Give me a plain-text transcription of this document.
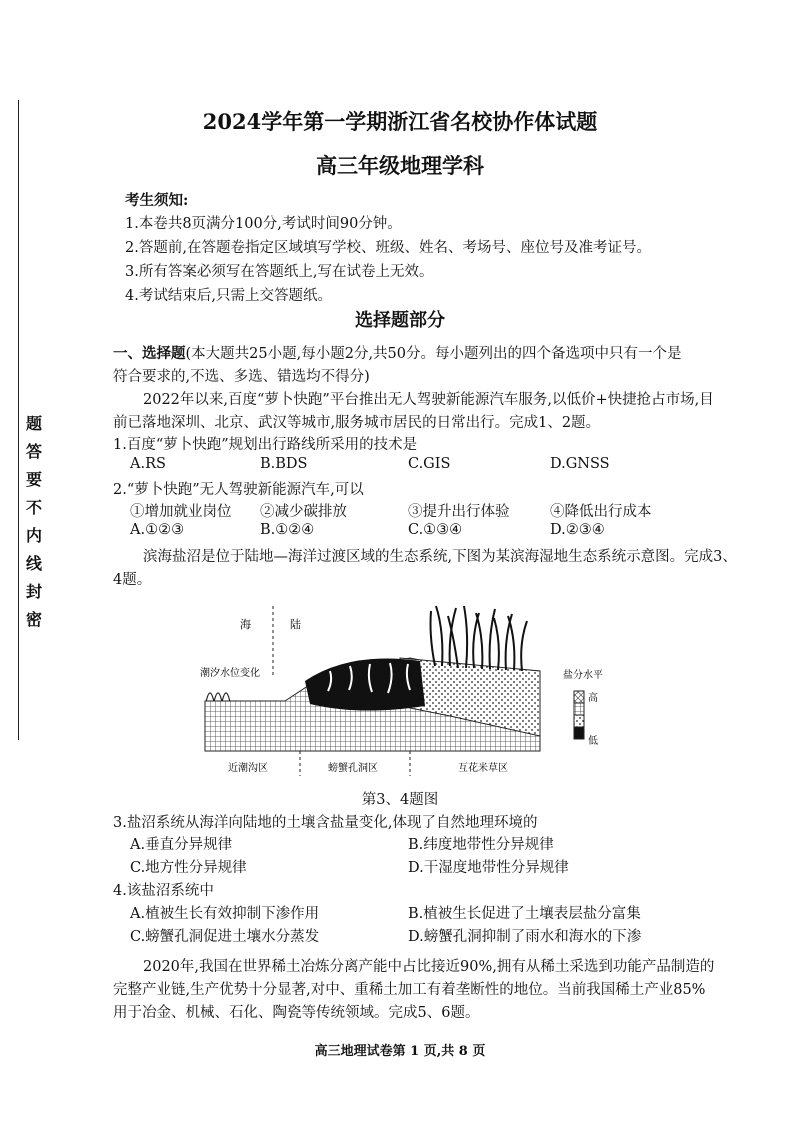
题
答
要
不
内
线
封
密
2024学年第一学期浙江省名校协作体试题
高三年级地理学科
考生须知:
1.本卷共8页满分100分,考试时间90分钟。
2.答题前,在答题卷指定区域填写学校、班级、姓名、考场号、座位号及准考证号。
3.所有答案必须写在答题纸上,写在试卷上无效。
4.考试结束后,只需上交答题纸。
选择题部分
一、选择题(本大题共25小题,每小题2分,共50分。每小题列出的四个备选项中只有一个是
符合要求的,不选、多选、错选均不得分)
2022年以来,百度“萝卜快跑”平台推出无人驾驶新能源汽车服务,以低价+快捷抢占市场,目
前已落地深圳、北京、武汉等城市,服务城市居民的日常出行。完成1、2题。
1.百度“萝卜快跑”规划出行路线所采用的技术是
A.RS	B.BDS	C.GIS	D.GNSS
2.“萝卜快跑”无人驾驶新能源汽车,可以
①增加就业岗位 ②减少碳排放	③提升出行体验	④降低出行成本
A.①②③	B.①②④	C.①③④	D.②③④
滨海盐沼是位于陆地—海洋过渡区域的生态系统,下图为某滨海湿地生态系统示意图。完成3、
4题。
海	陆
潮汐水位变化
近潮沟区	螃蟹孔洞区	互花米草区
盐分水平
高
低
第3、4题图
3.盐沼系统从海洋向陆地的土壤含盐量变化,体现了自然地理环境的
A.垂直分异规律	B.纬度地带性分异规律
C.地方性分异规律	D.干湿度地带性分异规律
4.该盐沼系统中
A.植被生长有效抑制下渗作用	B.植被生长促进了土壤表层盐分富集
C.螃蟹孔洞促进土壤水分蒸发	D.螃蟹孔洞抑制了雨水和海水的下渗
2020年,我国在世界稀土冶炼分离产能中占比接近90%,拥有从稀土采选到功能产品制造的
完整产业链,生产优势十分显著,对中、重稀土加工有着垄断性的地位。当前我国稀土产业85%
用于冶金、机械、石化、陶瓷等传统领域。完成5、6题。
高三地理试卷第 1 页,共 8 页
